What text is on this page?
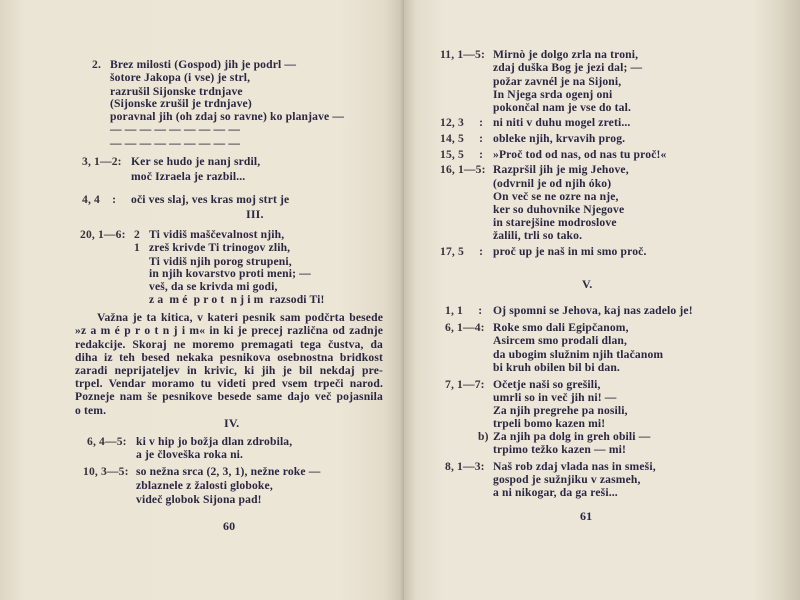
2. Brez milosti (Gospod) jih je podrl —
šotore Jakopa (i vse) je strl,
razrušil Sijonske trdnjave
(Sijonske zrušil je trdnjave)
poravnal jih (oh zdaj so ravne) ko planjave —
— — — — — — — — —
— — — — — — — — —
3, 1—2: Ker se hudo je nanj srdil,
moč Izraela je razbil...
4, 4    : oči ves slaj, ves kras moj strt je
III.
20, 1—6: 2
1
Ti vidiš maščevalnost njih,
zreš krivde Ti trinogov zlih,
Ti vidiš njih porog strupeni,
in njih kovarstvo proti meni; —
veš, da se krivda mi godi,
z a  m é  p r o t  n j i m  razsodi Ti!
Važna je ta kitica, v kateri pesnik sam podčrta besede
»z a m é p r o t n j i m« in ki je precej različna od zadnje
redakcije. Skoraj ne moremo premagati tega čustva, da
diha iz teh besed nekaka pesnikova osebnostna bridkost
zaradi neprijateljev in krivic, ki jih je bil nekdaj pre-
trpel. Vendar moramo tu videti pred vsem trpeči narod.
Pozneje nam še pesnikove besede same dajo več pojasnila
o tem.
IV.
6, 4—5: ki v hip jo božja dlan zdrobila,
a je človeška roka ni.
10, 3—5: so nežna srca (2, 3, 1), nežne roke —
zblaznele z žalosti globoke,
videč globok Sijona pad!
60
11, 1—5: Mirnò je dolgo zrla na troni,
zdaj duška Bog je jezi dal; —
požar zavnél je na Sijoni,
In Njega srda ogenj oni
pokončal nam je vse do tal.
12, 3     : ni niti v duhu mogel zreti...
14, 5     : obleke njih, krvavih prog.
15, 5     : »Proč tod od nas, od nas tu proč!«
16, 1—5: Razpršil jih je mig Jehove,
(odvrnil je od njih óko)
On več se ne ozre na nje,
ker so duhovnike Njegove
in starejšine modroslove
žalili, trli so tako.
17, 5     : proč up je naš in mi smo proč.
V.
1, 1     : Oj spomni se Jehova, kaj nas zadelo je!
6, 1—4: Roke smo dali Egipčanom,
Asircem smo prodali dlan,
da ubogim služnim njih tlačanom
bi kruh obilen bil bi dan.
7, 1—7: Očetje naši so grešili,
umrli so in več jih ni! —
Za njih pregrehe pa nosili,
trpeli bomo kazen mi!
b) Za njih pa dolg in greh obili —
trpimo težko kazen — mi!
8, 1—3: Naš rob zdaj vlada nas in smeši,
gospod je sužnjiku v zasmeh,
a ni nikogar, da ga reši...
61
